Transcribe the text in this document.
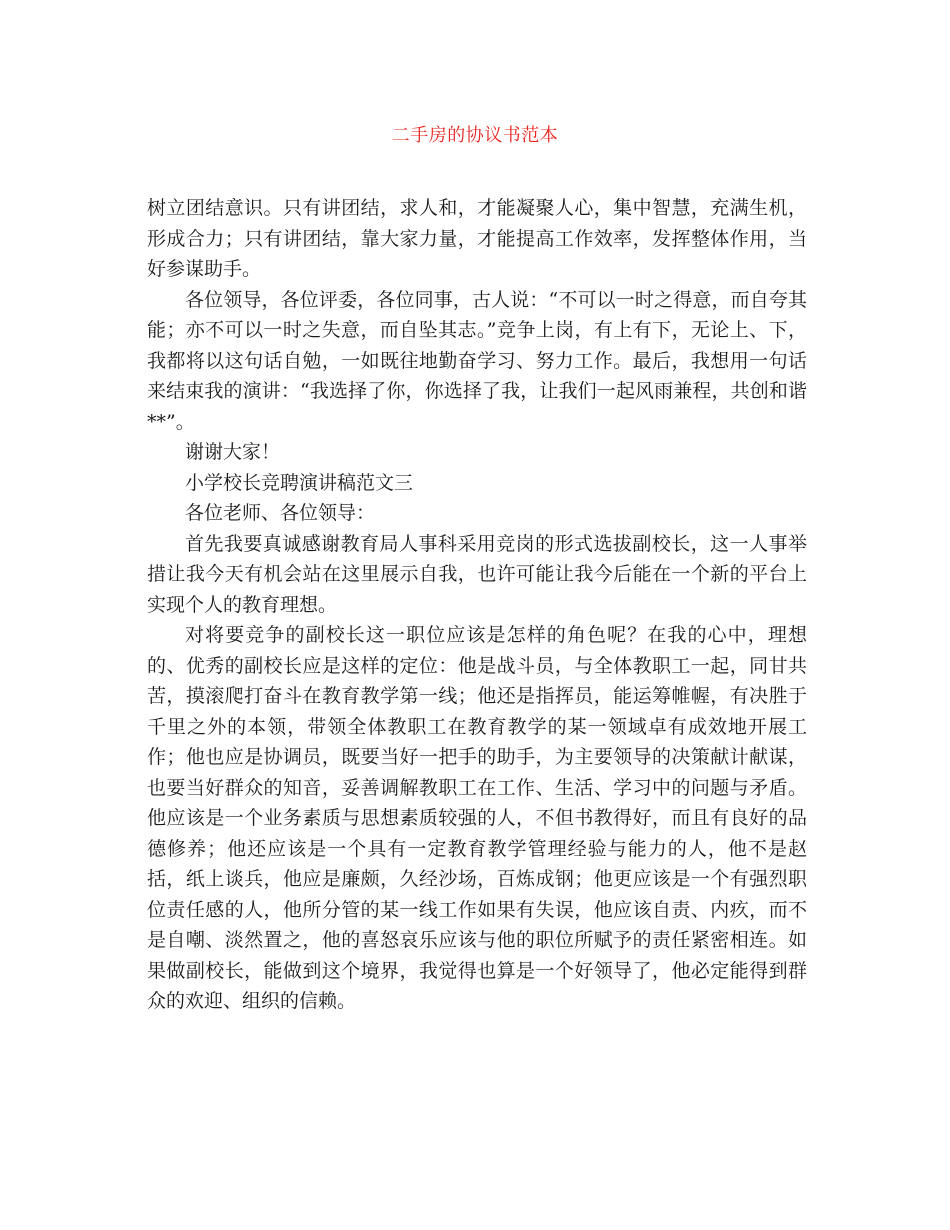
二手房的协议书范本

树立团结意识。只有讲团结，求人和，才能凝聚人心，集中智慧，充满生机，形成合力；只有讲团结，靠大家力量，才能提高工作效率，发挥整体作用，当好参谋助手。

各位领导，各位评委，各位同事，古人说：“不可以一时之得意，而自夸其能；亦不可以一时之失意，而自坠其志。”竞争上岗，有上有下，无论上、下，我都将以这句话自勉，一如既往地勤奋学习、努力工作。最后，我想用一句话来结束我的演讲：“我选择了你，你选择了我，让我们一起风雨兼程，共创和谐**”。

谢谢大家！

小学校长竞聘演讲稿范文三

各位老师、各位领导：

首先我要真诚感谢教育局人事科采用竞岗的形式选拔副校长，这一人事举措让我今天有机会站在这里展示自我，也许可能让我今后能在一个新的平台上实现个人的教育理想。

对将要竞争的副校长这一职位应该是怎样的角色呢？在我的心中，理想的、优秀的副校长应是这样的定位：他是战斗员，与全体教职工一起，同甘共苦，摸滚爬打奋斗在教育教学第一线；他还是指挥员，能运筹帷幄，有决胜于千里之外的本领，带领全体教职工在教育教学的某一领域卓有成效地开展工作；他也应是协调员，既要当好一把手的助手，为主要领导的决策献计献谋，也要当好群众的知音，妥善调解教职工在工作、生活、学习中的问题与矛盾。他应该是一个业务素质与思想素质较强的人，不但书教得好，而且有良好的品德修养；他还应该是一个具有一定教育教学管理经验与能力的人，他不是赵括，纸上谈兵，他应是廉颇，久经沙场，百炼成钢；他更应该是一个有强烈职位责任感的人，他所分管的某一线工作如果有失误，他应该自责、内疚，而不是自嘲、淡然置之，他的喜怒哀乐应该与他的职位所赋予的责任紧密相连。如果做副校长，能做到这个境界，我觉得也算是一个好领导了，他必定能得到群众的欢迎、组织的信赖。
